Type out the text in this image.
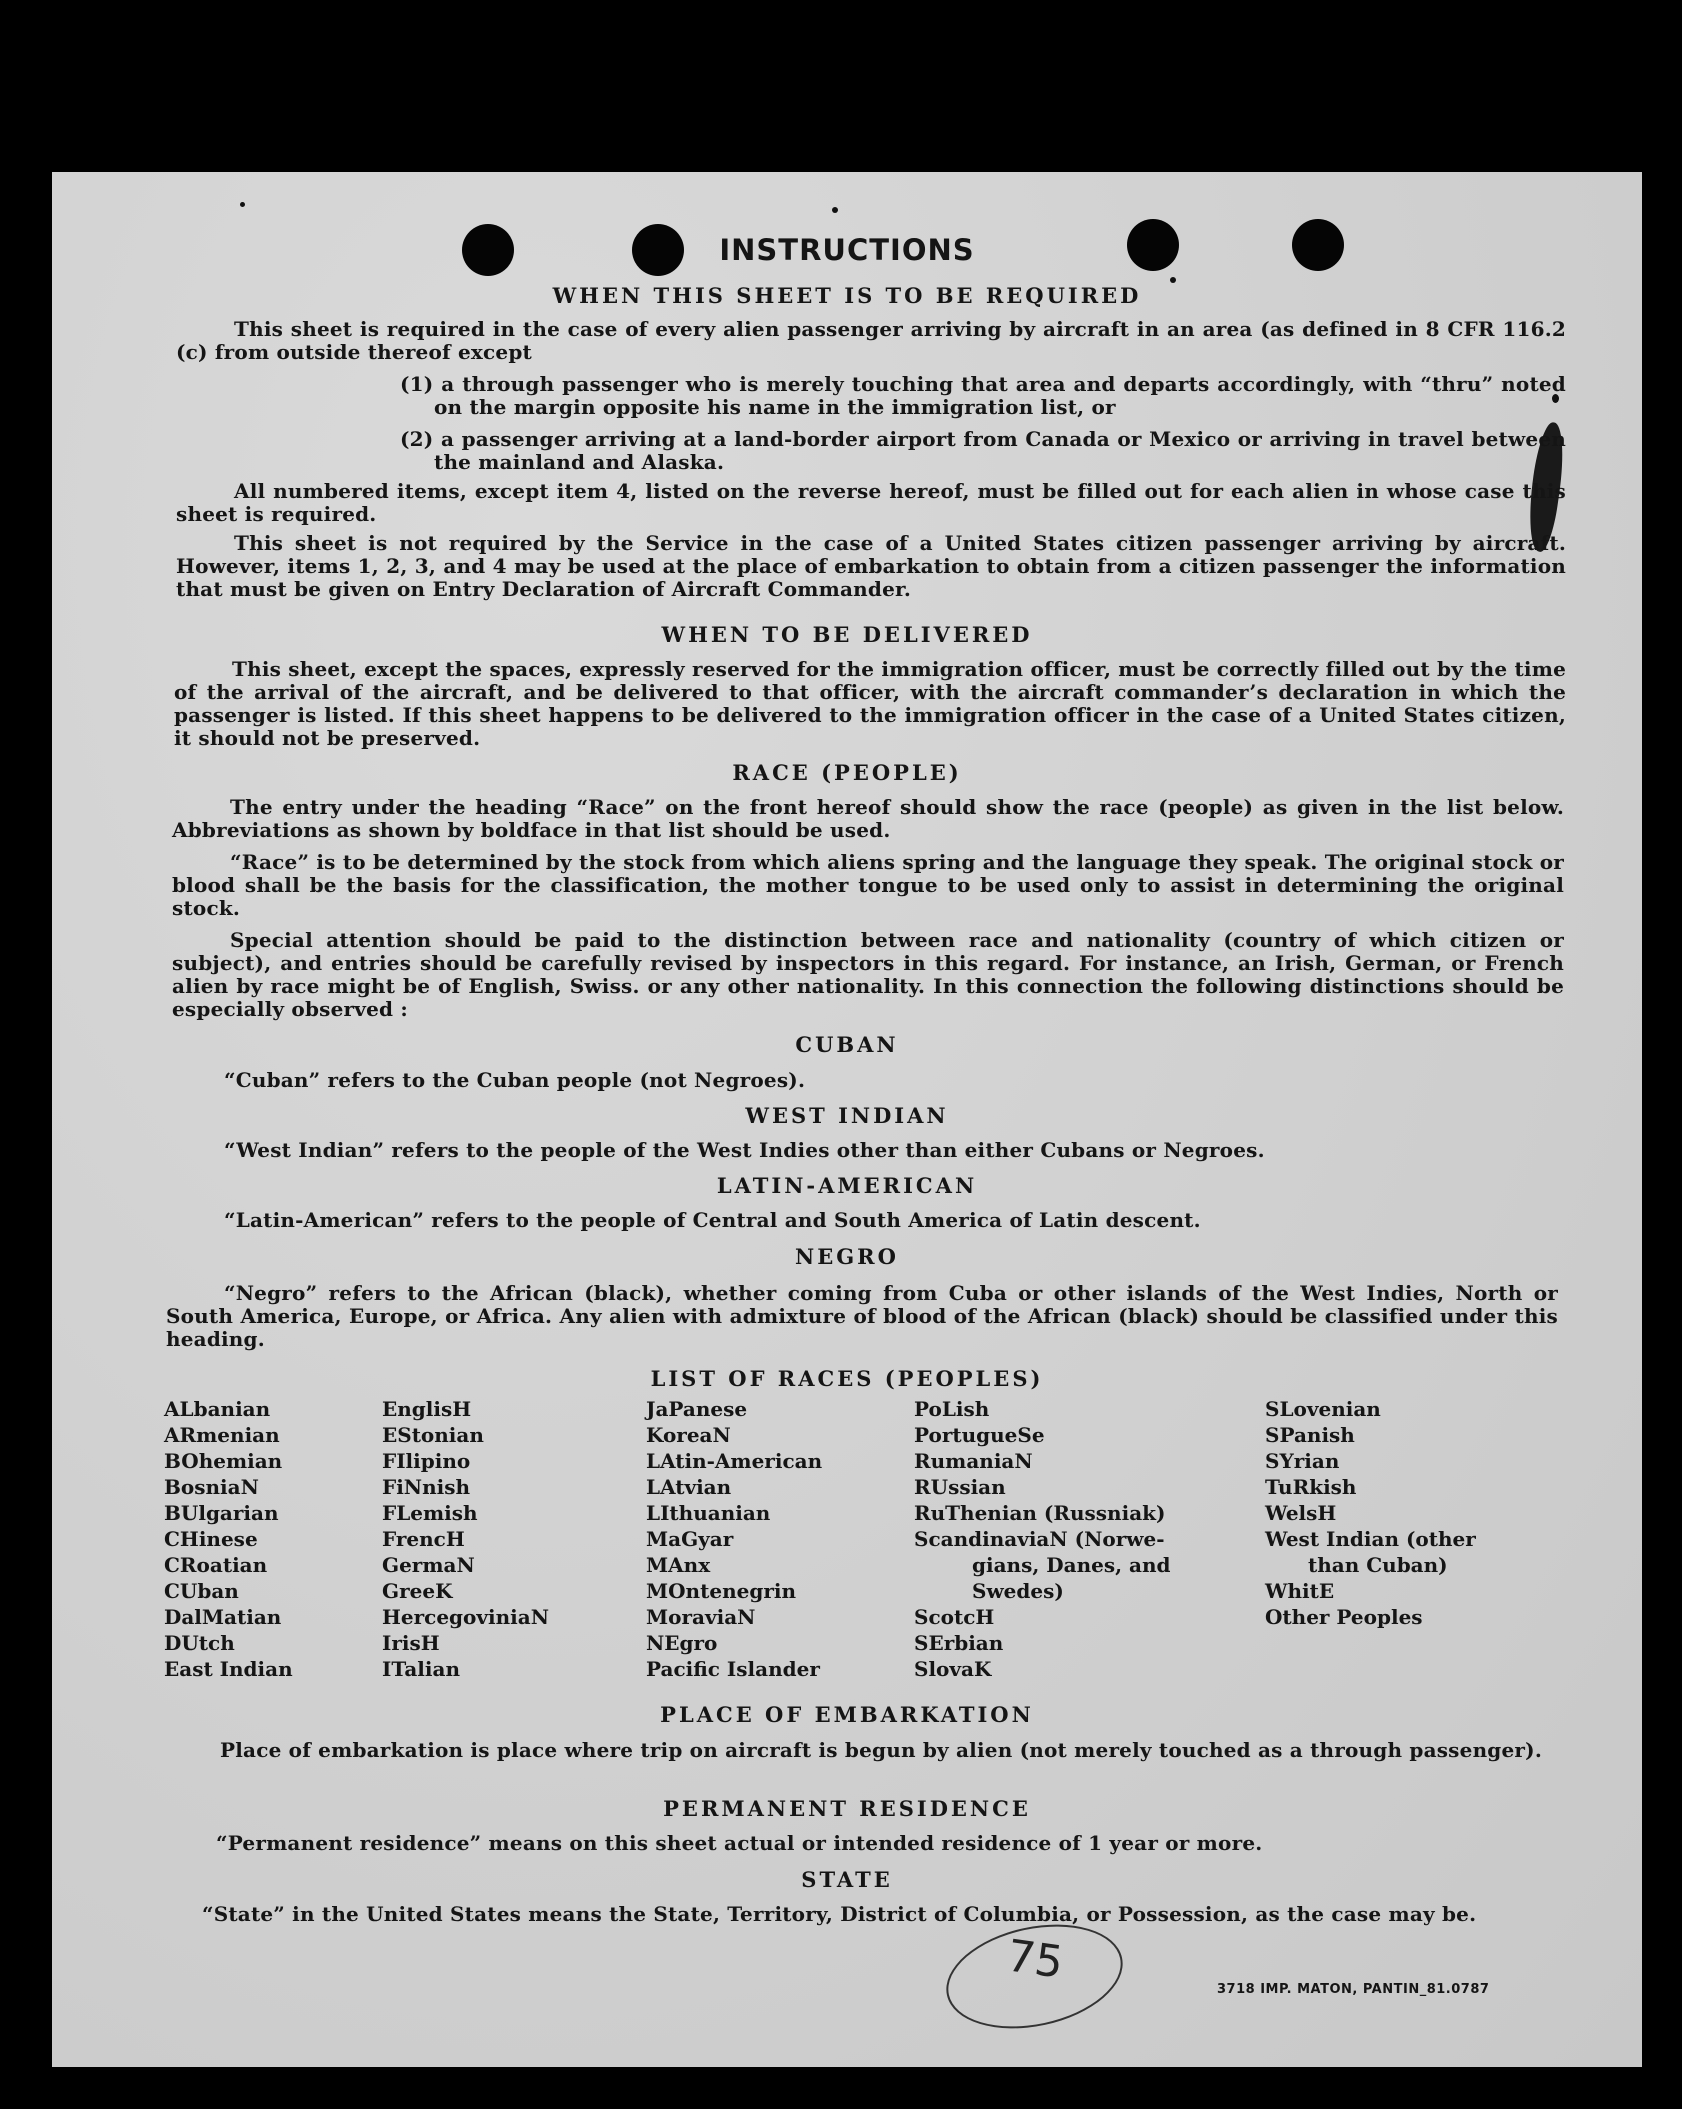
INSTRUCTIONS
WHEN THIS SHEET IS TO BE REQUIRED

This sheet is required in the case of every alien passenger arriving by aircraft in an area (as defined in 8 CFR 116.2 (c) from outside thereof except

(1) a through passenger who is merely touching that area and departs accordingly, with “thru” noted on the margin opposite his name in the immigration list, or

(2) a passenger arriving at a land-border airport from Canada or Mexico or arriving in travel between the mainland and Alaska.

All numbered items, except item 4, listed on the reverse hereof, must be filled out for each alien in whose case this sheet is required.

This sheet is not required by the Service in the case of a United States citizen passenger arriving by aircraft. However, items 1, 2, 3, and 4 may be used at the place of embarkation to obtain from a citizen passenger the information that must be given on Entry Declaration of Aircraft Commander.

WHEN TO BE DELIVERED

This sheet, except the spaces, expressly reserved for the immigration officer, must be correctly filled out by the time of the arrival of the aircraft, and be delivered to that officer, with the aircraft commander’s declaration in which the passenger is listed. If this sheet happens to be delivered to the immigration officer in the case of a United States citizen, it should not be preserved.

RACE (PEOPLE)

The entry under the heading “Race” on the front hereof should show the race (people) as given in the list below. Abbreviations as shown by boldface in that list should be used.

“Race” is to be determined by the stock from which aliens spring and the language they speak. The original stock or blood shall be the basis for the classification, the mother tongue to be used only to assist in determining the original stock.

Special attention should be paid to the distinction between race and nationality (country of which citizen or subject), and entries should be carefully revised by inspectors in this regard. For instance, an Irish, German, or French alien by race might be of English, Swiss. or any other nationality. In this connection the following distinctions should be especially observed :

CUBAN
“Cuban” refers to the Cuban people (not Negroes).
WEST INDIAN
“West Indian” refers to the people of the West Indies other than either Cubans or Negroes.
LATIN-AMERICAN
“Latin-American” refers to the people of Central and South America of Latin descent.
NEGRO

“Negro” refers to the African (black), whether coming from Cuba or other islands of the West Indies, North or South America, Europe, or Africa. Any alien with admixture of blood of the African (black) should be classified under this heading.

LIST OF RACES (PEOPLES)
ALbanian
ARmenian
BOhemian
BosniaN
BUlgarian
CHinese
CRoatian
CUban
DalMatian
DUtch
East Indian
EnglisH
EStonian
FIlipino
FiNnish
FLemish
FrencH
GermaN
GreeK
HercegoviniaN
IrisH
ITalian
JaPanese
KoreaN
LAtin-American
LAtvian
LIthuanian
MaGyar
MAnx
MOntenegrin
MoraviaN
NEgro
Pacific Islander
PoLish
PortugueSe
RumaniaN
RUssian
RuThenian (Russniak)
ScandinaviaN (Norwe-
gians, Danes, and
Swedes)
ScotcH
SErbian
SlovaK
SLovenian
SPanish
SYrian
TuRkish
WelsH
West Indian (other
than Cuban)
WhitE
Other Peoples
PLACE OF EMBARKATION

Place of embarkation is place where trip on aircraft is begun by alien (not merely touched as a through passenger).

PERMANENT RESIDENCE
“Permanent residence” means on this sheet actual or intended residence of 1 year or more.
STATE
“State” in the United States means the State, Territory, District of Columbia, or Possession, as the case may be.
75
3718 IMP. MATON, PANTIN_81.0787
